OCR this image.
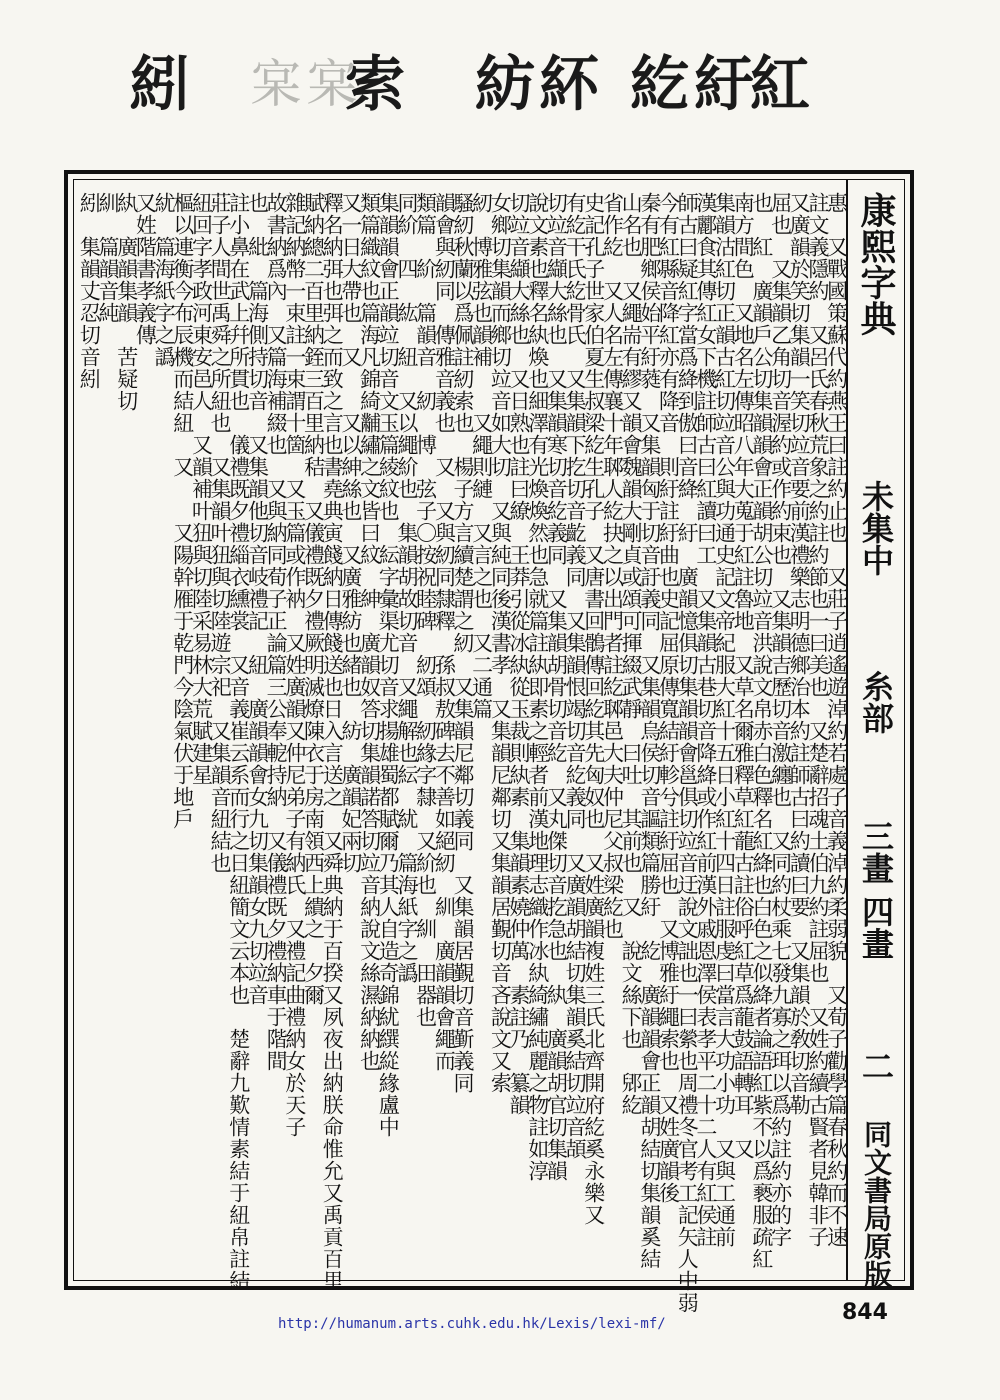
紖 宲宲
索 紡紑 紇紆
紅
惠　又戰國策蘇代約燕王曰註約止也　又莊子逍遙遊淖約若處子音義淖約柔弱貌　又荀子勸學篇春秋約而不速
註文義隱約　又呂氏春秋荒象之約註約節也一曰美也　又楚辭招魂土伯九約註屈也　又姓約續古賢者見韓非子
又廣韻於笑切集韻一笑切竝音要前漢禮樂志明德鄉治本約註師古曰約讀曰要　又集韻於敎切音勒
屈也　又集韻乙角切音渥約或作約束也　又集韻吉歷切音激纏也　又同約杖乘七發九寡之珥以爲約註約亦的字
也　紅　廣韻戶公切集韻韻會正韻胡公切竝音洪說文帛赤白色釋名紅絳也白色之似絳者論語紅紫不以爲褻服疏紅
南方間色　又地名左傳昭八年大蒐于紅註魯地　又草名爾雅釋草紅蘢古註俗呼紅草爲蘢鼓語轉耳　又
集韻沽紅切正韻古紅切竝音公與功通史記文帝紀服大紅十五日小紅十四日註服虔曰當言大功小功　又與工通前
漢酈食其傳紅女下機註師古曰紅讀曰工　又集韻古巷切音降絳或作紅前漢外戚恩澤侯表孝平二十二人有紅侯註
師古曰疑紅字當爲絳到傲曰音絳　紆　廣韻憶俱切集韻韻會邕俱切竝音迂說文詘也一曰縈也周禮冬官考工記矢人中弱
今有紅縣音降紅亦有降音　則紆註紆曲也史記屈原傳寬結紆軫兮註紆屈也　又博雅紆繩索也　又姓廣韻後
秦有肥鄉侯始平紆蕤　又集韻匈于切音訏義同　又集韻烏侯切音謳類篇勝紆　紇　廣韻韻會正韻胡結切集韻奚結
山名也　又繩耑有繆又韻會魏韻大剛貞或頌可揮綴武靜　曰吐　其前也　又　說文絲下也　郳紇
省作紇　又人名左傳襄十年郰人紇抉之以出門者註紇郰邑大夫仲尼父叔梁紇也
史記孔子世家伯夏生叔梁紇生孔子　又唐書回鶻傳回紇其先匈奴也　又姓廣韻複姓三氏北齊開府紇奚永樂又
有紇干氏紇骨氏　又集韻下扢切音齕義同　又集韻恨竭切音紇義同　又廣韻胡結切集韻奚結切竝音頡
切竝音纈大絲也　又集韻寒切音紇義同　又集韻胡骨切音紇　又丸傑切音扢急也　紈　廣韻胡官切集韻
說文素也釋名紈煥也細澤有光煥煥然也急就篇註紈即素之輕者前漢地理志織作冰紈綺繡純麗之物註如淳
切竝音纈大絲也　又日熟也註曰繚　王莽引從冰紈從玉裁則紈素　集韻素嬈仲萬　素註乃　纂韻
女鄉切集韻而鄉切竝音如大切　又與純同後漢書孝　又集韻尼鄰切又集韻居覲切音吝說文又索
紉　博雅弦也韻補　　又繩則縺　又言之也　又二通篇
騷紉秋蘭以爲佩註紉索也　楊子方言續楚謂之紉　又集韻尼鄰切義同　又集韻居覲切音斳義同
韻會與紉同　傳雅音義也　又　又與紉同隸釋　孫叔敖碑去不善如絕紉　紃　廣韻韻會繩而
類篇　紒　篇韻音　紉　博　弦子〇按祝睦碑　紉頌　紉緣字隸　又紒也　紃　田器也
同紒　四　紘　紐　又以繩紒也　集韻胡故切音　又繩解也紜　紌　篇海紙字之譌
集韻韻會正韻竝切音文玉篇綾紋也　紜字彙渠尤切音求揚雄蜀都賦爾乃其人自造奇錦紌繏緃緣盧中
類篇織紋也篇海凡錦綺黼繡之文皆曰紋　紳　廣韻奴答切集韻諾答切竝音納說文絲濕納納也
又一日大帶也　又　　又以紳絲也　又廣雅紡也緒也　紡　廣韻妃兩切
釋名納弭也弭之而致之言也書堯典寅餞納日傳餞送也日入言送之　又舜典納于百揆又夙夜出納朕命惟允又禹貢百里
賦納總二百里納銍三百里納秸　又儀禮既夕禮厥明滅燎陳衣于房南領西上繢之　夕爾
雜記納幣一束註一束謂十箇　又玉篇或作衲　又姓廣韻又仲尼弟子有納氏　又禮記曲禮納女於天子
故書納爲內　又篇海補綴也　又與納同荀子正論篇三公奉軶持納　又儀禮既夕禮納車于階間
也　紕　篇海側持切音　又集韻他切音岐禮記　紐　廣韻韻會女九切集韻女九切竝音
註小鼻在武上幷所貫也　儀禮既夕禮緇衣纁裳　又音義崔云系而行之日紐簡文云本也　楚辭九歎情素結于紐帛註結
莊子人間世禹舜之所紐也　又集韻叶狃與切陸遊宗祀　又集韻音紐結也
紐回字孝政河東安邑人　又韻補叶狃與切陸采易林大荒賦建星
樞以連衡今布辰機而結紐　又　　又陽幹雁于乾門今陰氣伏于地戶
紌　篇海紙字之譌
又姓階書孝義傳
紈　廣韻集韻　苦疑切
紃　篇韻音純
紖　集韻丈忍切音紖	康熙字典
未集中
糸部
三畫 四畫
二
同文書局原版
844
http://humanum.arts.cuhk.edu.hk/Lexis/lexi-mf/
